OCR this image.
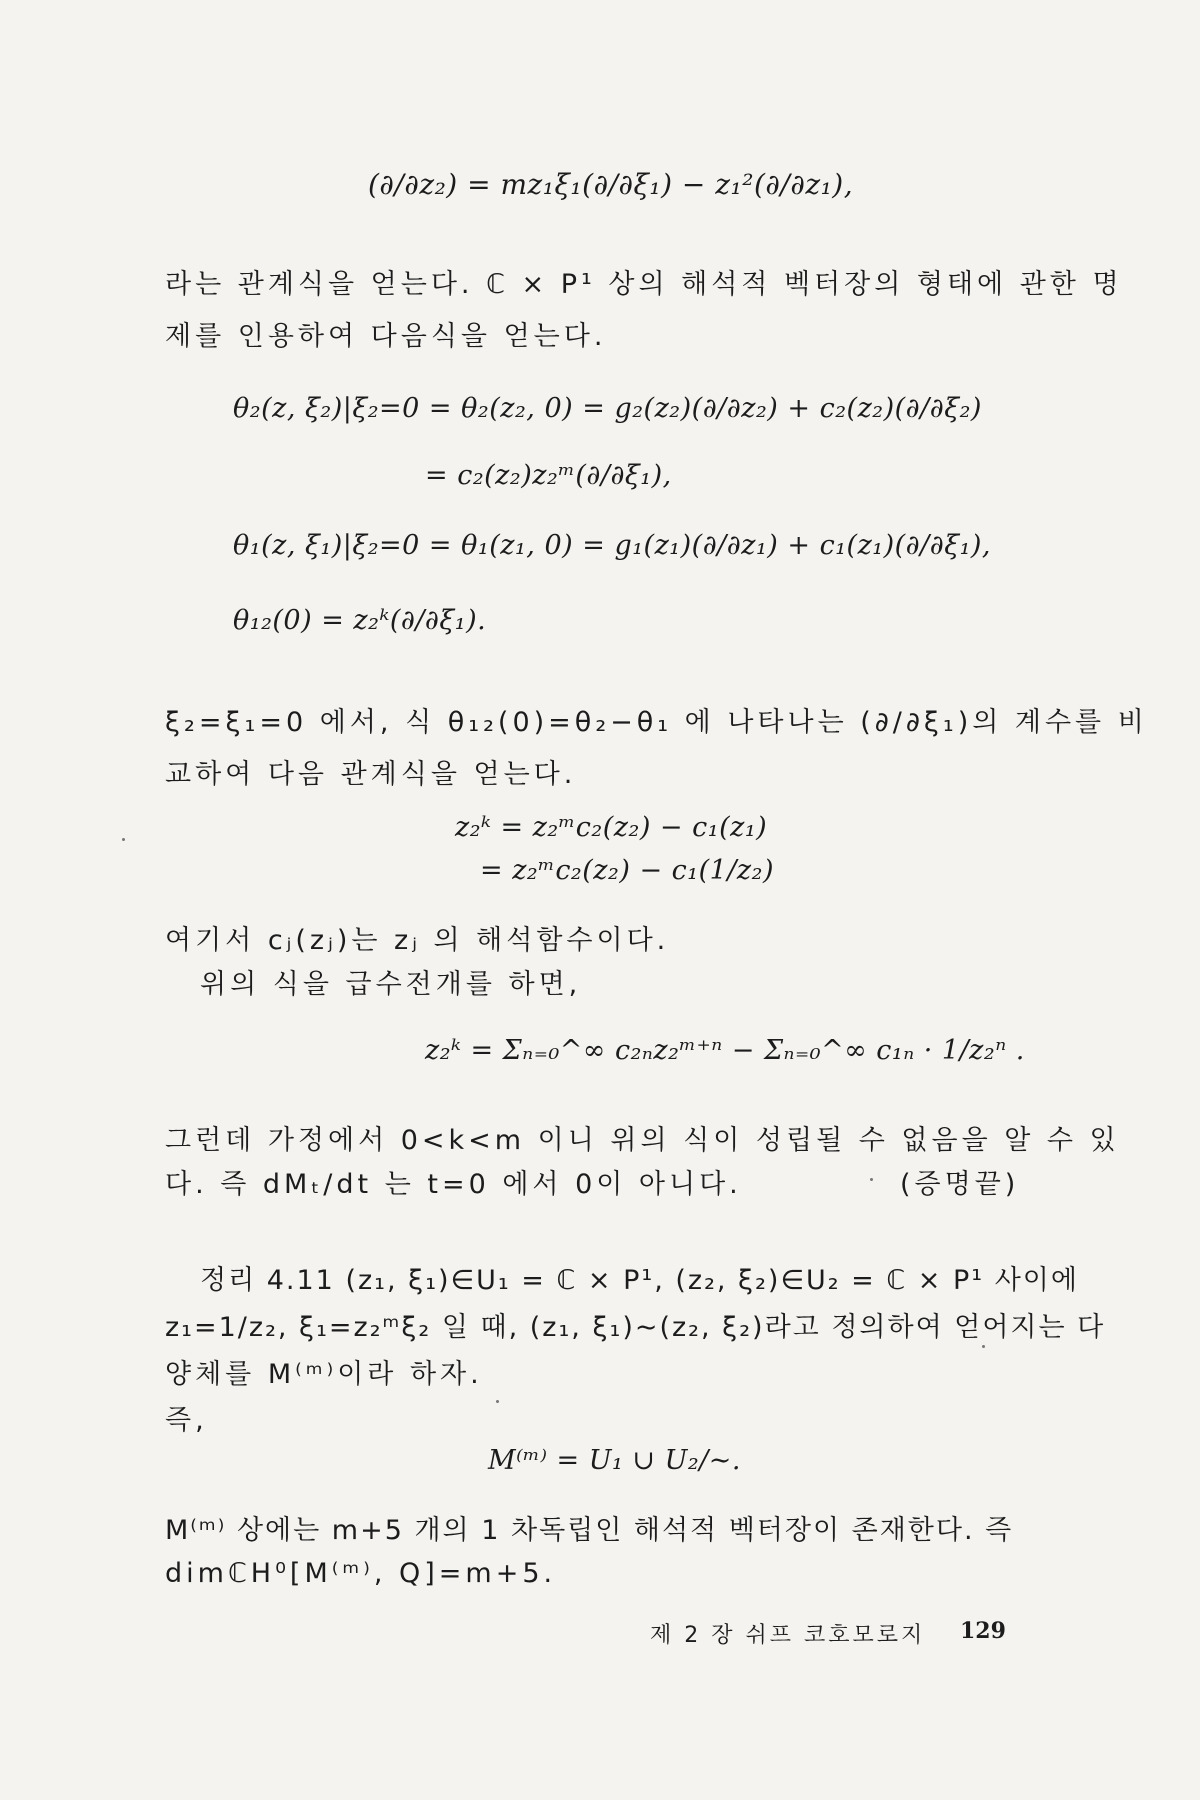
(∂/∂z₂) = mz₁ξ₁(∂/∂ξ₁) − z₁²(∂/∂z₁),
라는 관계식을 얻는다. ℂ × P¹ 상의 해석적 벡터장의 형태에 관한 명
제를 인용하여 다음식을 얻는다.
θ₂(z, ξ₂)|ξ₂=0 = θ₂(z₂, 0) = g₂(z₂)(∂/∂z₂) + c₂(z₂)(∂/∂ξ₂)
= c₂(z₂)z₂ᵐ(∂/∂ξ₁),
θ₁(z, ξ₁)|ξ₂=0 = θ₁(z₁, 0) = g₁(z₁)(∂/∂z₁) + c₁(z₁)(∂/∂ξ₁),
θ₁₂(0) = z₂ᵏ(∂/∂ξ₁).
ξ₂=ξ₁=0 에서, 식 θ₁₂(0)=θ₂−θ₁ 에 나타나는 (∂/∂ξ₁)의 계수를 비
교하여 다음 관계식을 얻는다.
z₂ᵏ = z₂ᵐc₂(z₂) − c₁(z₁)
= z₂ᵐc₂(z₂) − c₁(1/z₂)
여기서 cⱼ(zⱼ)는 zⱼ 의 해석함수이다.
위의 식을 급수전개를 하면,
z₂ᵏ = Σₙ₌₀^∞ c₂ₙz₂ᵐ⁺ⁿ − Σₙ₌₀^∞ c₁ₙ · 1/z₂ⁿ .
그런데 가정에서 0<k<m 이니 위의 식이 성립될 수 없음을 알 수 있
다. 즉 dMₜ/dt 는 t=0 에서 0이 아니다.	(증명끝)
정리 4.11 (z₁, ξ₁)∈U₁ = ℂ × P¹, (z₂, ξ₂)∈U₂ = ℂ × P¹ 사이에
z₁=1/z₂, ξ₁=z₂ᵐξ₂ 일 때, (z₁, ξ₁)∼(z₂, ξ₂)라고 정의하여 얻어지는 다
양체를 M⁽ᵐ⁾이라 하자.
즉,
M⁽ᵐ⁾ = U₁ ∪ U₂/∼.
M⁽ᵐ⁾ 상에는 m+5 개의 1 차독립인 해석적 벡터장이 존재한다. 즉
dimℂH⁰[M⁽ᵐ⁾, Q]=m+5.
제 2 장 쉬프 코호모로지 129
